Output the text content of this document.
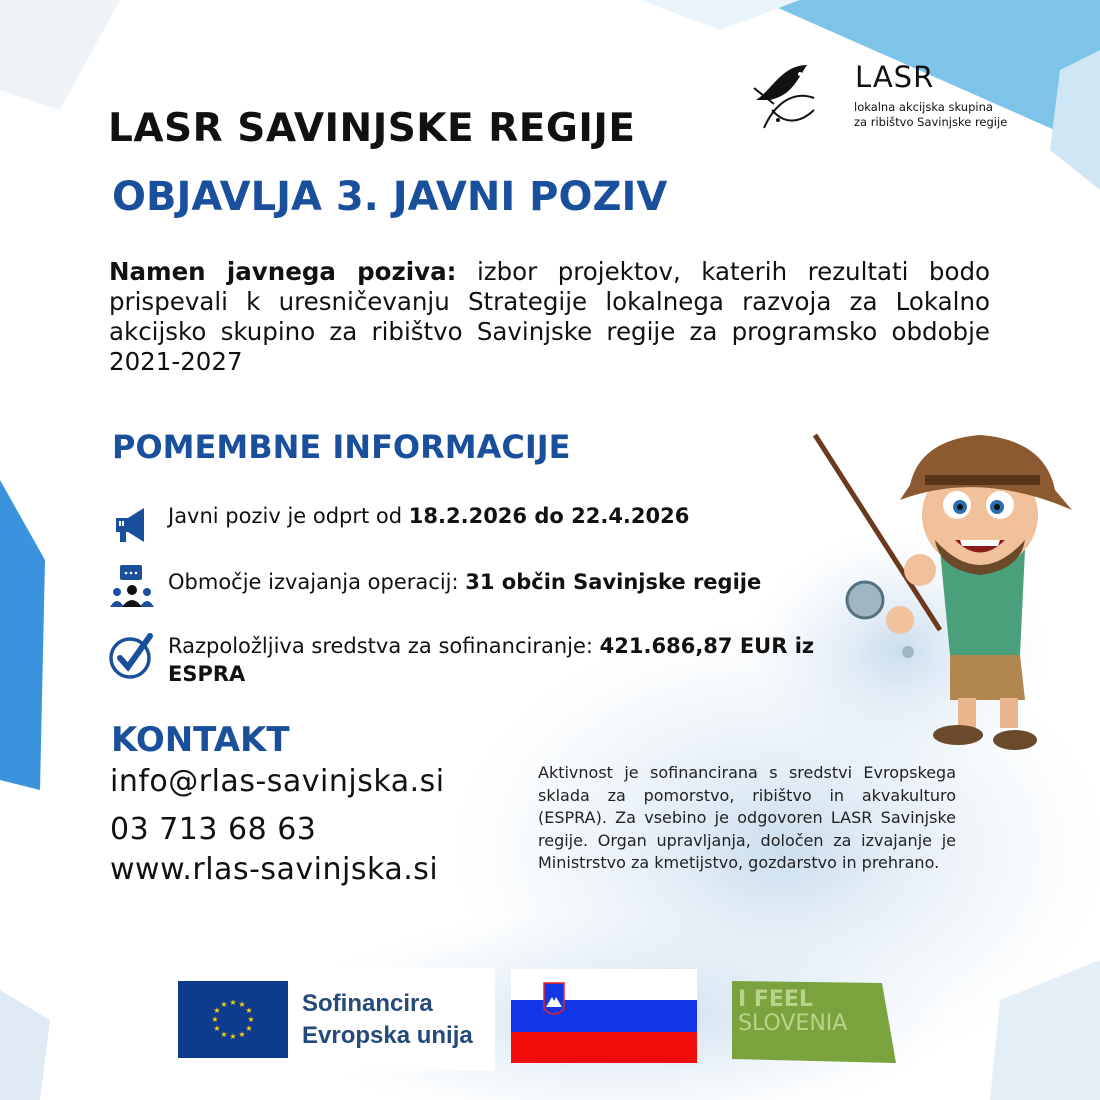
LASR
lokalna akcijska skupina
za ribištvo Savinjske regije
LASR SAVINJSKE REGIJE
OBJAVLJA 3. JAVNI POZIV
Namen javnega poziva: izbor projektov, katerih rezultati bodo prispevali k uresničevanju Strategije lokalnega razvoja za Lokalno akcijsko skupino za ribištvo Savinjske regije za programsko obdobje 2021-2027
POMEMBNE INFORMACIJE
Javni poziv je odprt od 18.2.2026 do 22.4.2026
Območje izvajanja operacij: 31 občin Savinjske regije
Razpoložljiva sredstva za sofinanciranje: 421.686,87 EUR iz ESPRA
KONTAKT
info@rlas-savinjska.si
03 713 68 63
www.rlas-savinjska.si
Aktivnost je sofinancirana s sredstvi Evropskega sklada za pomorstvo, ribištvo in akvakulturo (ESPRA). Za vsebino je odgovoren LASR Savinjske regije. Organ upravljanja, določen za izvajanje je Ministrstvo za kmetijstvo, gozdarstvo in prehrano.
★ ★
★
★
★
★
★
★
★
★
★
★	Sofinancira
Evropska unija
I FEEL
SLOVENIA
